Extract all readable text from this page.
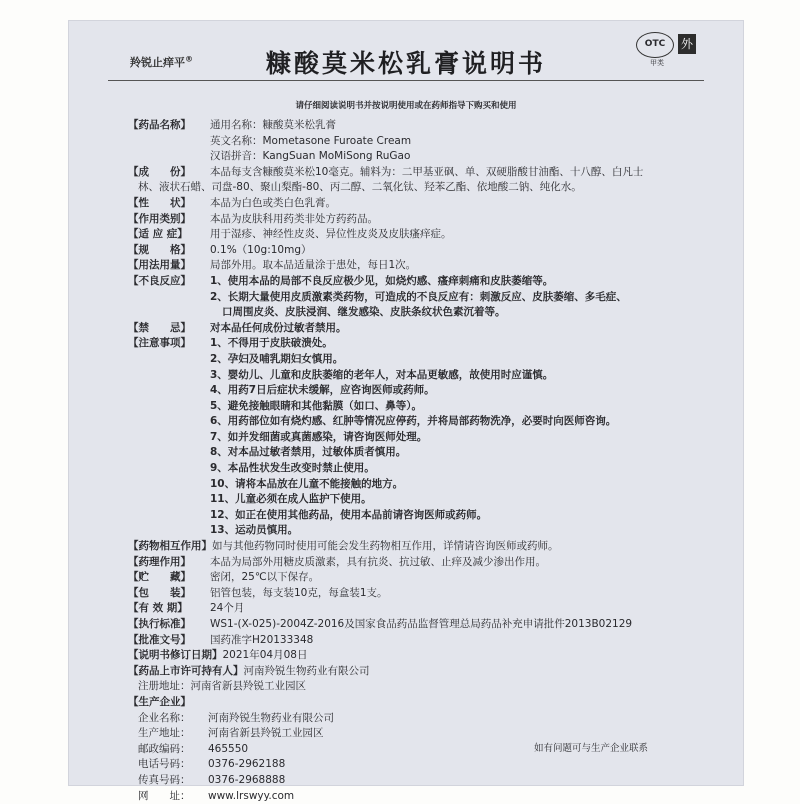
羚锐止痒平®	糠酸莫米松乳膏说明书
OTC
甲类
外
请仔细阅读说明书并按说明使用或在药师指导下购买和使用
【药品名称】	通用名称：糠酸莫米松乳膏
英文名称：Mometasone Furoate Cream
汉语拼音：KangSuan MoMiSong RuGao
【成　　份】	本品每支含糠酸莫米松10毫克。辅料为：二甲基亚砜、单、双硬脂酸甘油酯、十八醇、白凡士
林、液状石蜡、司盘-80、聚山梨酯-80、丙二醇、二氧化钛、羟苯乙酯、依地酸二钠、纯化水。
【性　　状】	本品为白色或类白色乳膏。
【作用类别】	本品为皮肤科用药类非处方药药品。
【适 应 症】	用于湿疹、神经性皮炎、异位性皮炎及皮肤瘙痒症。
【规　　格】	0.1%（10g:10mg）
【用法用量】	局部外用。取本品适量涂于患处，每日1次。
【不良反应】	1、使用本品的局部不良反应极少见，如烧灼感、瘙痒刺痛和皮肤萎缩等。
2、长期大量使用皮质激素类药物，可造成的不良反应有：刺激反应、皮肤萎缩、多毛症、
口周围皮炎、皮肤浸润、继发感染、皮肤条纹状色素沉着等。
【禁　　忌】	对本品任何成份过敏者禁用。
【注意事项】	1、不得用于皮肤破溃处。
2、孕妇及哺乳期妇女慎用。
3、婴幼儿、儿童和皮肤萎缩的老年人，对本品更敏感，故使用时应谨慎。
4、用药7日后症状未缓解，应咨询医师或药师。
5、避免接触眼睛和其他黏膜（如口、鼻等）。
6、用药部位如有烧灼感、红肿等情况应停药，并将局部药物洗净，必要时向医师咨询。
7、如并发细菌或真菌感染，请咨询医师处理。
8、对本品过敏者禁用，过敏体质者慎用。
9、本品性状发生改变时禁止使用。
10、请将本品放在儿童不能接触的地方。
11、儿童必须在成人监护下使用。
12、如正在使用其他药品，使用本品前请咨询医师或药师。
13、运动员慎用。
【药物相互作用】 如与其他药物同时使用可能会发生药物相互作用，详情请咨询医师或药师。
【药理作用】	本品为局部外用糖皮质激素，具有抗炎、抗过敏、止痒及减少渗出作用。
【贮　　藏】	密闭，25℃以下保存。
【包　　装】	铝管包装，每支装10克，每盒装1支。
【有 效 期】	24个月
【执行标准】	WS1-(X-025)-2004Z-2016及国家食品药品监督管理总局药品补充申请批件2013B02129
【批准文号】	国药准字H20133348
【说明书修订日期】 2021年04月08日
【药品上市许可持有人】 河南羚锐生物药业有限公司
注册地址：河南省新县羚锐工业园区
【生产企业】
企业名称：	河南羚锐生物药业有限公司
生产地址：	河南省新县羚锐工业园区
邮政编码：	465550
电话号码：	0376-2962188
传真号码：	0376-2968888
网　　址：	www.lrswyy.com
如有问题可与生产企业联系
